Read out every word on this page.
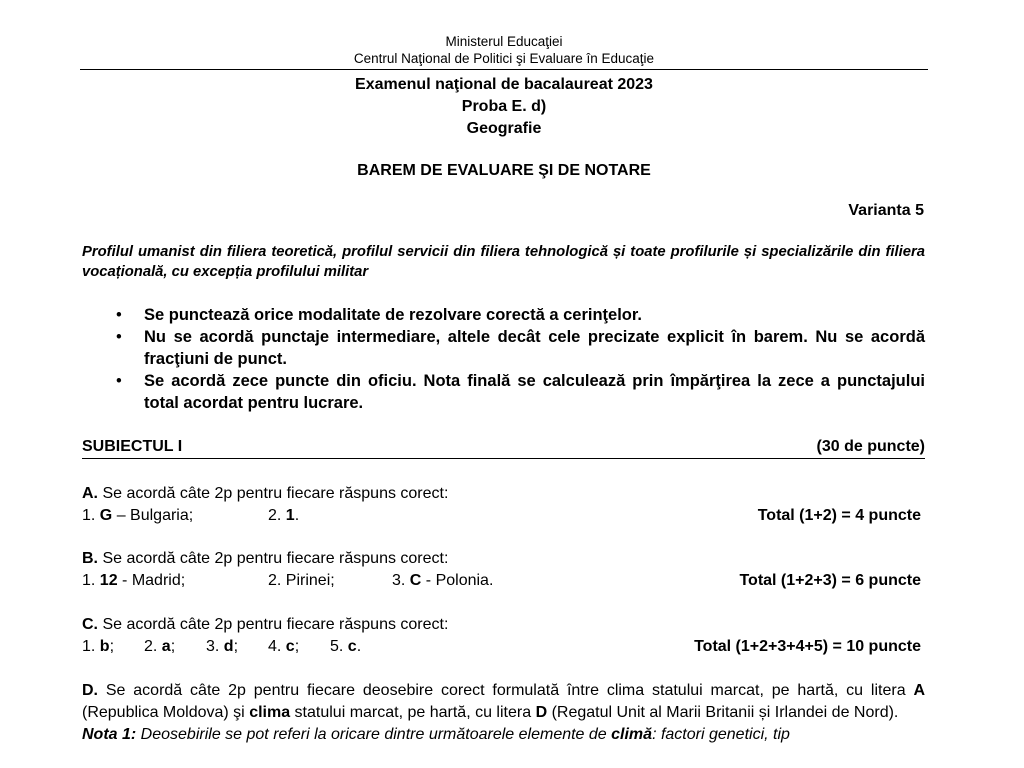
Ministerul Educaţiei
Centrul Naţional de Politici şi Evaluare în Educaţie
Examenul naţional de bacalaureat 2023
Proba E. d)
Geografie
BAREM DE EVALUARE ŞI DE NOTARE
Varianta 5
Profilul umanist din filiera teoretică, profilul servicii din filiera tehnologică și toate profilurile și specializările din filiera vocațională, cu excepția profilului militar
• Se punctează orice modalitate de rezolvare corectă a cerinţelor.
• Nu se acordă punctaje intermediare, altele decât cele precizate explicit în barem. Nu se acordă fracţiuni de punct.
• Se acordă zece puncte din oficiu. Nota finală se calculează prin împărţirea la zece a punctajului total acordat pentru lucrare.
SUBIECTUL I	(30 de puncte)
A. Se acordă câte 2p pentru fiecare răspuns corect:
1. G – Bulgaria;	2. 1.	Total (1+2) = 4 puncte
B. Se acordă câte 2p pentru fiecare răspuns corect:
1. 12 - Madrid;	2. Pirinei;	3. C - Polonia.	Total (1+2+3) = 6 puncte
C. Se acordă câte 2p pentru fiecare răspuns corect:
1. b; 2. a; 3. d; 4. c; 5. c.	Total (1+2+3+4+5) = 10 puncte
D. Se acordă câte 2p pentru fiecare deosebire corect formulată între clima statului marcat, pe hartă, cu litera A (Republica Moldova) şi clima statului marcat, pe hartă, cu litera D (Regatul Unit al Marii Britanii și Irlandei de Nord).
Nota 1: Deosebirile se pot referi la oricare dintre următoarele elemente de climă: factori genetici, tip
